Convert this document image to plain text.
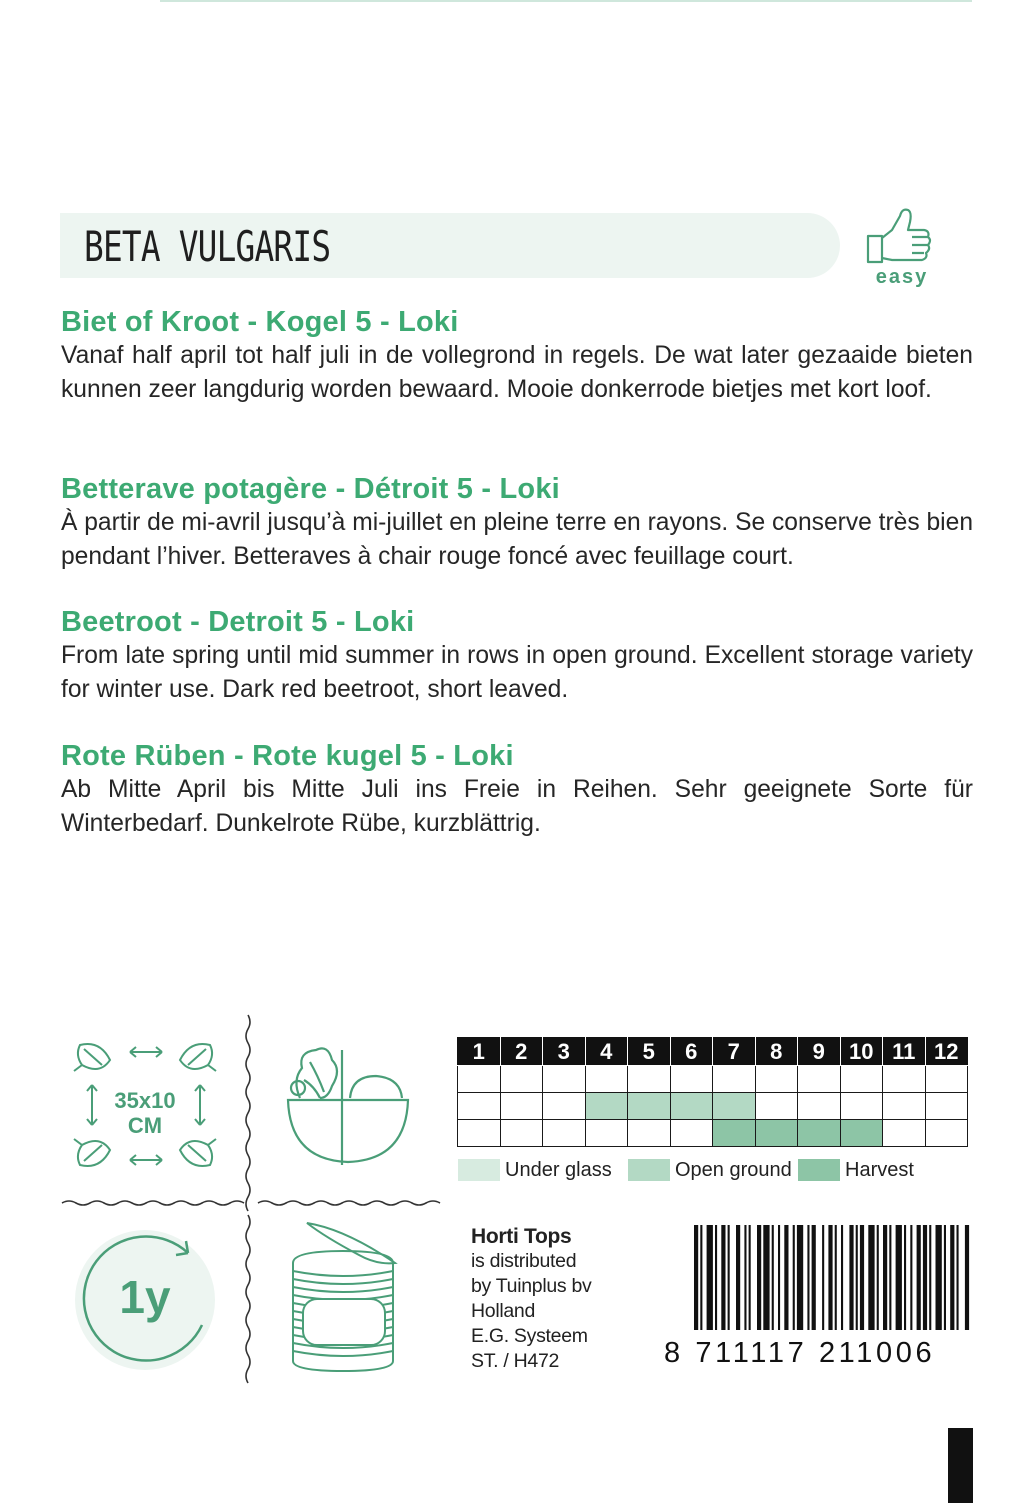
BETA VULGARIS
easy
Biet of Kroot - Kogel 5 - Loki

Vanaf half april tot half juli in de vollegrond in regels. De wat later gezaaide bieten kunnen zeer langdurig worden bewaard. Mooie donkerrode bietjes met kort loof.

Betterave potagère - Détroit 5 - Loki

À partir de mi-avril jusqu’à mi-juillet en pleine terre en rayons. Se conserve très bien pendant l’hiver. Betteraves à chair rouge foncé avec feuillage court.

Beetroot - Detroit 5 - Loki

From late spring until mid summer in rows in open ground. Excellent storage variety for winter use. Dark red beetroot, short leaved.

Rote Rüben - Rote kugel 5 - Loki

Ab Mitte April bis Mitte Juli ins Freie in Reihen. Sehr geeignete Sorte für Winterbedarf. Dunkelrote Rübe, kurzblättrig.

35x10 CM
1y
1	2	3	4	5	6	7	8	9	10	11	12

Under glass	Open ground	Harvest
Horti Tops
is distributed
by Tuinplus bv
Holland
E.G. Systeem
ST. / H472	8 711117 211006
